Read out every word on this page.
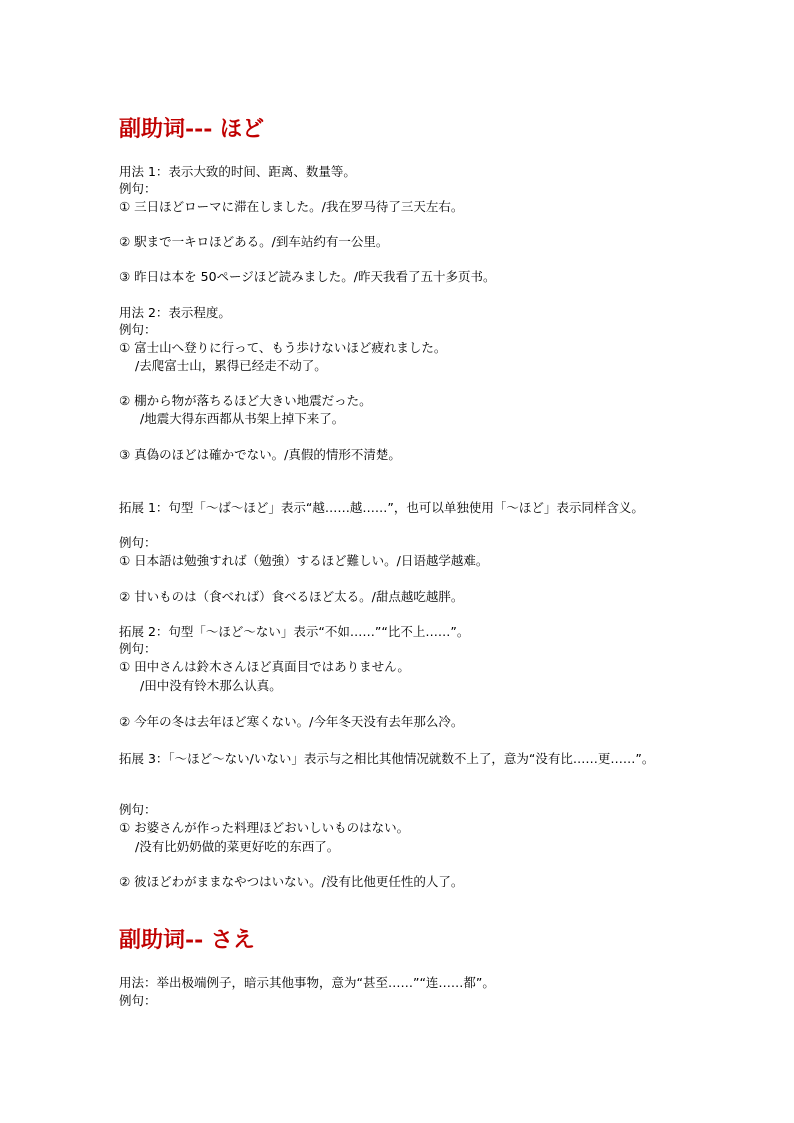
副助词--- ほど
用法 1：表示大致的时间、距离、数量等。
例句：
① 三日ほどローマに滞在しました。/我在罗马待了三天左右。
② 駅まで一キロほどある。/到车站约有一公里。
③ 昨日は本を 50ページほど読みました。/昨天我看了五十多页书。
用法 2：表示程度。
例句：
① 富士山へ登りに行って、もう歩けないほど疲れました。
/去爬富士山，累得已经走不动了。
② 棚から物が落ちるほど大きい地震だった。
/地震大得东西都从书架上掉下来了。
③ 真偽のほどは確かでない。/真假的情形不清楚。
拓展 1：句型「～ば～ほど」表示“越……越……”，也可以单独使用「～ほど」表示同样含义。
例句：
① 日本語は勉強すれば（勉強）するほど難しい。/日语越学越难。
② 甘いものは（食べれば）食べるほど太る。/甜点越吃越胖。
拓展 2：句型「～ほど～ない」表示“不如……”“比不上……”。
例句：
① 田中さんは鈴木さんほど真面目ではありません。
/田中没有铃木那么认真。
② 今年の冬は去年ほど寒くない。/今年冬天没有去年那么冷。
拓展 3：「～ほど～ない/いない」表示与之相比其他情况就数不上了，意为“没有比……更……”。
例句：
① お婆さんが作った料理ほどおいしいものはない。
/没有比奶奶做的菜更好吃的东西了。
② 彼ほどわがままなやつはいない。/没有比他更任性的人了。
副助词-- さえ
用法：举出极端例子，暗示其他事物，意为“甚至……”“连……都”。
例句：
